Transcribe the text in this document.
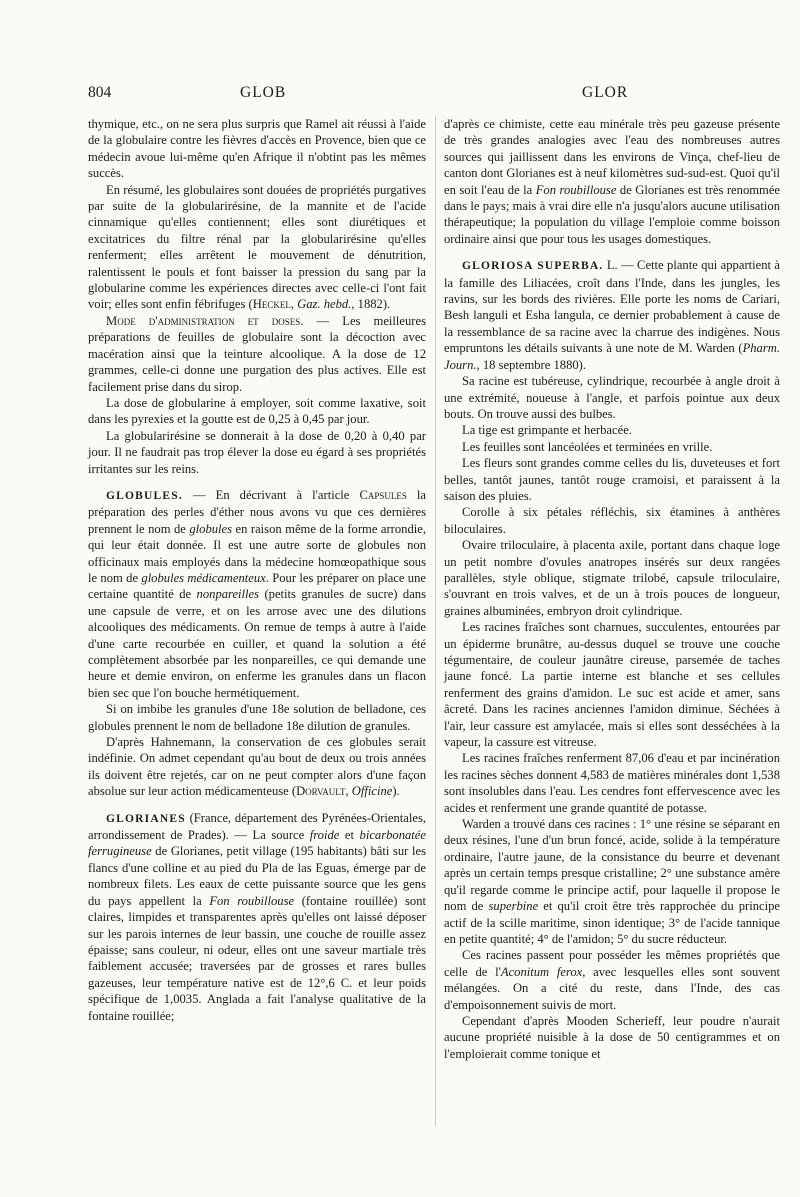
804	GLOB	GLOR

thymique, etc., on ne sera plus surpris que Ramel ait réussi à l'aide de la globulaire contre les fièvres d'accès en Provence, bien que ce médecin avoue lui-même qu'en Afrique il n'obtint pas les mêmes succès.

En résumé, les globulaires sont douées de propriétés purgatives par suite de la globularirésine, de la mannite et de l'acide cinnamique qu'elles contiennent; elles sont diurétiques et excitatrices du filtre rénal par la globularirésine qu'elles renferment; elles arrêtent le mouvement de dénutrition, ralentissent le pouls et font baisser la pression du sang par la globularine comme les expériences directes avec celle-ci l'ont fait voir; elles sont enfin fébrifuges (Heckel, Gaz. hebd., 1882).

Mode d'administration et doses. — Les meilleures préparations de feuilles de globulaire sont la décoction avec macération ainsi que la teinture alcoolique. A la dose de 12 grammes, celle-ci donne une purgation des plus actives. Elle est facilement prise dans du sirop.

La dose de globularine à employer, soit comme laxative, soit dans les pyrexies et la goutte est de 0,25 à 0,45 par jour.

La globularirésine se donnerait à la dose de 0,20 à 0,40 par jour. Il ne faudrait pas trop élever la dose eu égard à ses propriétés irritantes sur les reins.

GLOBULES. — En décrivant à l'article Capsules la préparation des perles d'éther nous avons vu que ces dernières prennent le nom de globules en raison même de la forme arrondie, qui leur était donnée. Il est une autre sorte de globules non officinaux mais employés dans la médecine homœopathique sous le nom de globules médicamenteux. Pour les préparer on place une certaine quantité de nonpareilles (petits granules de sucre) dans une capsule de verre, et on les arrose avec une des dilutions alcooliques des médicaments. On remue de temps à autre à l'aide d'une carte recourbée en cuiller, et quand la solution a été complètement absorbée par les nonpareilles, ce qui demande une heure et demie environ, on enferme les granules dans un flacon bien sec que l'on bouche hermétiquement.

Si on imbibe les granules d'une 18e solution de belladone, ces globules prennent le nom de belladone 18e dilution de granules.

D'après Hahnemann, la conservation de ces globules serait indéfinie. On admet cependant qu'au bout de deux ou trois années ils doivent être rejetés, car on ne peut compter alors d'une façon absolue sur leur action médicamenteuse (Dorvault, Officine).

GLORIANES (France, département des Pyrénées-Orientales, arrondissement de Prades). — La source froide et bicarbonatée ferrugineuse de Glorianes, petit village (195 habitants) bâti sur les flancs d'une colline et au pied du Pla de las Eguas, émerge par de nombreux filets. Les eaux de cette puissante source que les gens du pays appellent la Fon roubillouse (fontaine rouillée) sont claires, limpides et transparentes après qu'elles ont laissé déposer sur les parois internes de leur bassin, une couche de rouille assez épaisse; sans couleur, ni odeur, elles ont une saveur martiale très faiblement accusée; traversées par de grosses et rares bulles gazeuses, leur température native est de 12°,6 C. et leur poids spécifique de 1,0035. Anglada a fait l'analyse qualitative de la fontaine rouillée;

d'après ce chimiste, cette eau minérale très peu gazeuse présente de très grandes analogies avec l'eau des nombreuses autres sources qui jaillissent dans les environs de Vinça, chef-lieu de canton dont Glorianes est à neuf kilomètres sud-sud-est. Quoi qu'il en soit l'eau de la Fon roubillouse de Glorianes est très renommée dans le pays; mais à vrai dire elle n'a jusqu'alors aucune utilisation thérapeutique; la population du village l'emploie comme boisson ordinaire ainsi que pour tous les usages domestiques.

GLORIOSA SUPERBA. L. — Cette plante qui appartient à la famille des Liliacées, croît dans l'Inde, dans les jungles, les ravins, sur les bords des rivières. Elle porte les noms de Cariari, Besh languli et Esha langula, ce dernier probablement à cause de la ressemblance de sa racine avec la charrue des indigènes. Nous empruntons les détails suivants à une note de M. Warden (Pharm. Journ., 18 septembre 1880).

Sa racine est tubéreuse, cylindrique, recourbée à angle droit à une extrémité, noueuse à l'angle, et parfois pointue aux deux bouts. On trouve aussi des bulbes.

La tige est grimpante et herbacée.

Les feuilles sont lancéolées et terminées en vrille.

Les fleurs sont grandes comme celles du lis, duveteuses et fort belles, tantôt jaunes, tantôt rouge cramoisi, et paraissent à la saison des pluies.

Corolle à six pétales réfléchis, six étamines à anthères biloculaires.

Ovaire triloculaire, à placenta axile, portant dans chaque loge un petit nombre d'ovules anatropes insérés sur deux rangées parallèles, style oblique, stigmate trilobé, capsule triloculaire, s'ouvrant en trois valves, et de un à trois pouces de longueur, graines albuminées, embryon droit cylindrique.

Les racines fraîches sont charnues, succulentes, entourées par un épiderme brunâtre, au-dessus duquel se trouve une couche tégumentaire, de couleur jaunâtre cireuse, parsemée de taches jaune foncé. La partie interne est blanche et ses cellules renferment des grains d'amidon. Le suc est acide et amer, sans âcreté. Dans les racines anciennes l'amidon diminue. Séchées à l'air, leur cassure est amylacée, mais si elles sont desséchées à la vapeur, la cassure est vitreuse.

Les racines fraîches renferment 87,06 d'eau et par incinération les racines sèches donnent 4,583 de matières minérales dont 1,538 sont insolubles dans l'eau. Les cendres font effervescence avec les acides et renferment une grande quantité de potasse.

Warden a trouvé dans ces racines : 1° une résine se séparant en deux résines, l'une d'un brun foncé, acide, solide à la température ordinaire, l'autre jaune, de la consistance du beurre et devenant après un certain temps presque cristalline; 2° une substance amère qu'il regarde comme le principe actif, pour laquelle il propose le nom de superbine et qu'il croit être très rapprochée du principe actif de la scille maritime, sinon identique; 3° de l'acide tannique en petite quantité; 4° de l'amidon; 5° du sucre réducteur.

Ces racines passent pour posséder les mêmes propriétés que celle de l'Aconitum ferox, avec lesquelles elles sont souvent mélangées. On a cité du reste, dans l'Inde, des cas d'empoisonnement suivis de mort.

Cependant d'après Mooden Scherieff, leur poudre n'aurait aucune propriété nuisible à la dose de 50 centigrammes et on l'emploierait comme tonique et
